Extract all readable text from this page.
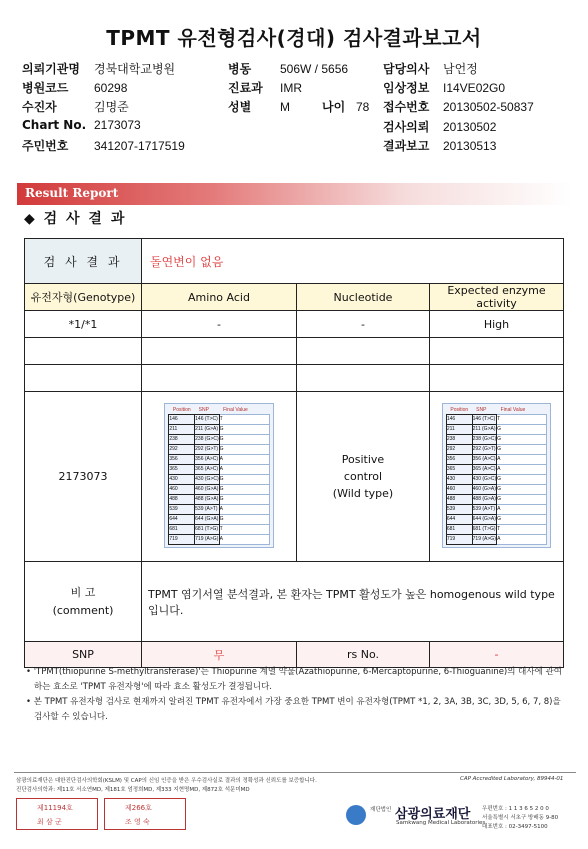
TPMT 유전형검사(경대) 검사결과보고서
의뢰기관명 경북대학교병원	병동 506W / 5656	담당의사 남언정
병원코드 60298	진료과 IMR	임상정보 I14VE02G0
수진자	김명준	성별 M	나이 78 접수번호 20130502-50837
Chart No. 2173073	검사의뢰 20130502
주민번호 341207-1717519	결과보고 20130513
Result Report
◆ 검 사 결 과
검 사 결 과	돌연변이 없음
유전자형(Genotype)	Amino Acid	Nucleotide	Expected enzyme activity
*1/*1	-	-	High

2173073	
Position	SNP	Final Value
146	146 (T>C)	T
211	211 (G>A)	G
238	238 (G>C)	G
292	292 (G>T)	G
356	356 (A>C)	A
365	365 (A>C)	A
430	430 (G>C)	G
460	460 (G>A)	G
488	488 (G>A)	G
539	539 (A>T)	A
644	644 (G>A)	G
681	681 (T>G)	T
719	719 (A>G)	A

Positive
control
(Wild type)

Position	SNP	Final Value
146	146 (T>C)	T
211	211 (G>A)	G
238	238 (G>C)	G
292	292 (G>T)	G
356	356 (A>C)	A
365	365 (A>C)	A
430	430 (G>C)	G
460	460 (G>A)	G
488	488 (G>A)	G
539	539 (A>T)	A
644	644 (G>A)	G
681	681 (T>G)	T
719	719 (A>G)	A

비 고
(comment)
	TPMT 염기서열 분석결과, 본 환자는 TPMT 활성도가 높은 homogenous wild type입니다.
SNP	무	rs No.	-

• 'TPMT(thiopurine S-methyltransferase)'는 Thiopurine 계열 약물(Azathiopurine, 6-Mercaptopurine, 6-Thioguanine)의 대사에 관여하는 효소로 'TPMT 유전자형'에 따라 효소 활성도가 결정됩니다.

• 본 TPMT 유전자형 검사로 현재까지 알려진 TPMT 유전자에서 가장 중요한 TPMT 변이 유전자형(TPMT *1, 2, 3A, 3B, 3C, 3D, 5, 6, 7, 8)을 검사할 수 있습니다.

삼광의료재단은 대한진단검사의학회(KSLM) 및 CAP의 신임 인증을 받은 우수검사실로 결과의 정확성과 신뢰도를 보증합니다.
진단검사의학과: 제11호 서소연MD, 제181호 엄정희MD, 제333 지현명MD, 제872호 석문미MD
CAP Accredited Laboratory, 89944-01
제11194호
최 삼 군
제266호
조 영 숙
재단법인 삼광의료재단
Samkwang Medical Laboratories
우편번호 : 1 1 3 6 5 2 0 0
서울특별시 서초구 방배동 9-80
대표번호 : 02-3497-5100
